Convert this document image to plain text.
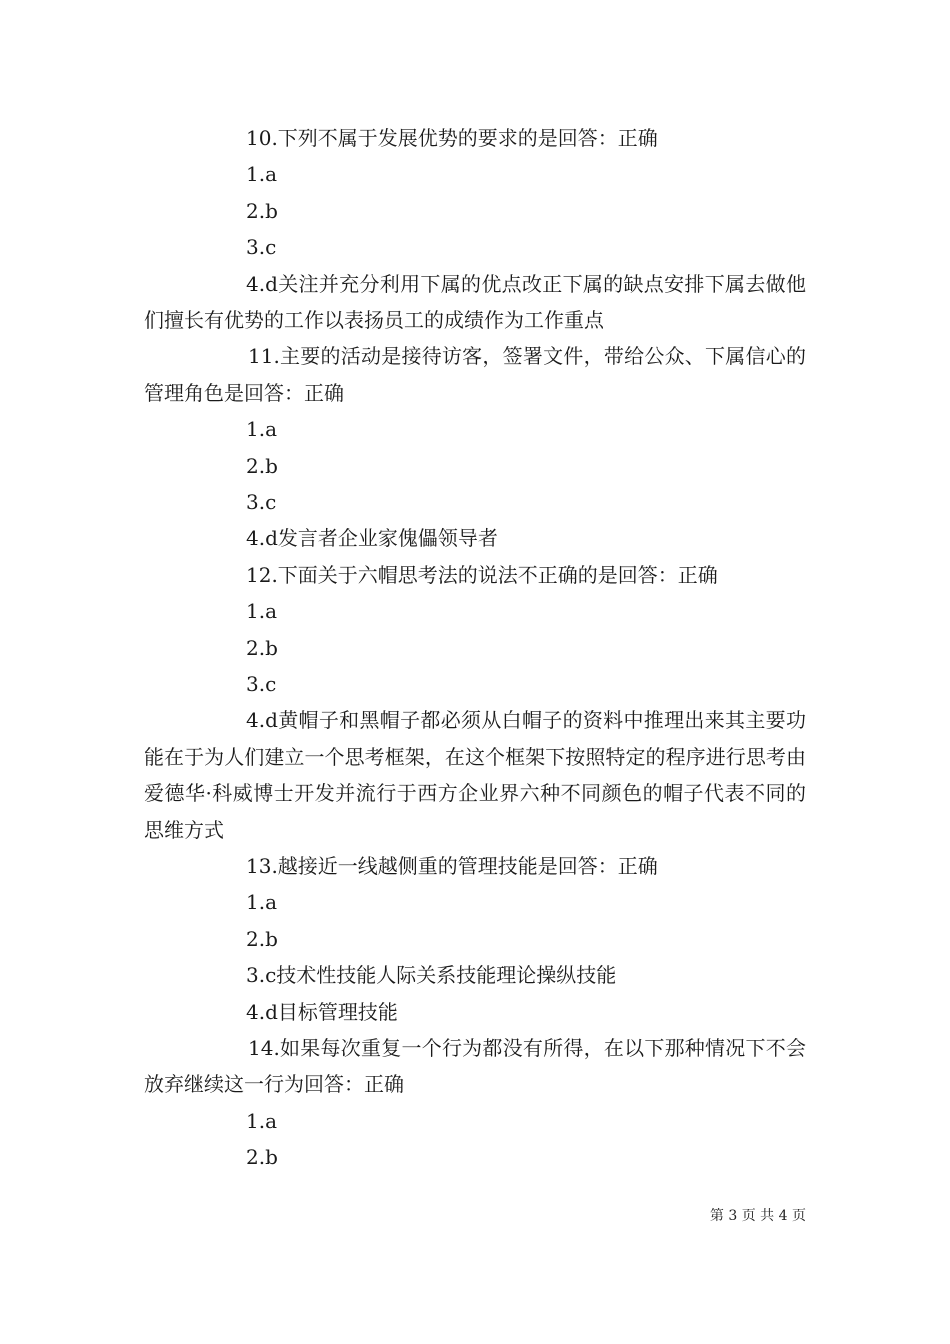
10.下列不属于发展优势的要求的是回答：正确
1.a
2.b
3.c

4.d关注并充分利用下属的优点改正下属的缺点安排下属去做他们擅长有优势的工作以表扬员工的成绩作为工作重点

11.主要的活动是接待访客，签署文件，带给公众、下属信心的管理角色是回答：正确

1.a
2.b
3.c
4.d发言者企业家傀儡领导者
12.下面关于六帽思考法的说法不正确的是回答：正确
1.a
2.b
3.c

4.d黄帽子和黑帽子都必须从白帽子的资料中推理出来其主要功能在于为人们建立一个思考框架，在这个框架下按照特定的程序进行思考由爱德华·科威博士开发并流行于西方企业界六种不同颜色的帽子代表不同的思维方式

13.越接近一线越侧重的管理技能是回答：正确
1.a
2.b
3.c技术性技能人际关系技能理论操纵技能
4.d目标管理技能

14.如果每次重复一个行为都没有所得，在以下那种情况下不会放弃继续这一行为回答：正确

1.a
2.b
第 3 页 共 4 页
